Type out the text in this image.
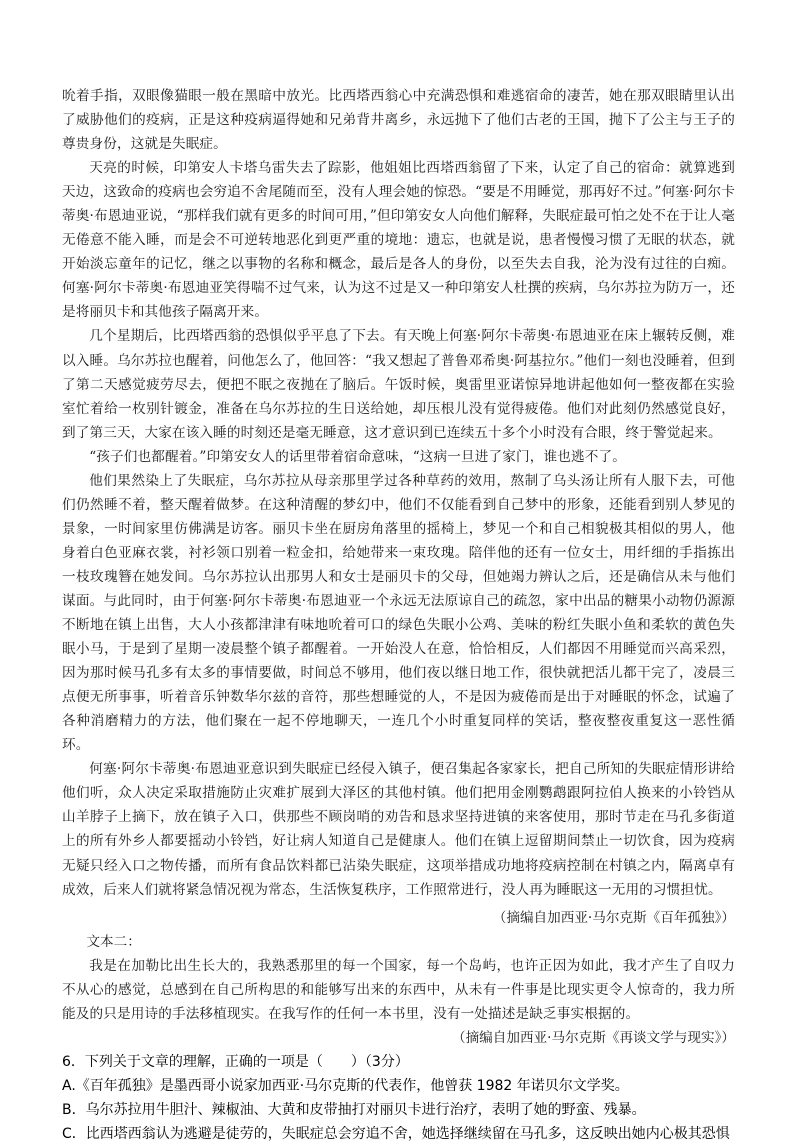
吮着手指，双眼像猫眼一般在黑暗中放光。比西塔西翁心中充满恐惧和难逃宿命的凄苦，她在那双眼睛里认出了威胁他们的疫病，正是这种疫病逼得她和兄弟背井离乡，永远抛下了他们古老的王国，抛下了公主与王子的尊贵身份，这就是失眠症。

天亮的时候，印第安人卡塔乌雷失去了踪影，他姐姐比西塔西翁留了下来，认定了自己的宿命：就算逃到天边，这致命的疫病也会穷追不舍尾随而至，没有人理会她的惊恐。“要是不用睡觉，那再好不过。”何塞·阿尔卡蒂奥·布恩迪亚说，“那样我们就有更多的时间可用，”但印第安女人向他们解释，失眠症最可怕之处不在于让人毫无倦意不能入睡，而是会不可逆转地恶化到更严重的境地：遗忘，也就是说，患者慢慢习惯了无眠的状态，就开始淡忘童年的记忆，继之以事物的名称和概念，最后是各人的身份，以至失去自我，沦为没有过往的白痴。何塞·阿尔卡蒂奥·布恩迪亚笑得喘不过气来，认为这不过是又一种印第安人杜撰的疾病，乌尔苏拉为防万一，还是将丽贝卡和其他孩子隔离开来。

几个星期后，比西塔西翁的恐惧似乎平息了下去。有天晚上何塞·阿尔卡蒂奥·布恩迪亚在床上辗转反侧，难以入睡。乌尔苏拉也醒着，问他怎么了，他回答：“我又想起了普鲁邓希奥·阿基拉尔。”他们一刻也没睡着，但到了第二天感觉疲劳尽去，便把不眠之夜抛在了脑后。午饭时候，奥雷里亚诺惊异地讲起他如何一整夜都在实验室忙着给一枚别针镀金，准备在乌尔苏拉的生日送给她，却压根儿没有觉得疲倦。他们对此刻仍然感觉良好，到了第三天，大家在该入睡的时刻还是毫无睡意，这才意识到已连续五十多个小时没有合眼，终于警觉起来。

“孩子们也都醒着。”印第安女人的话里带着宿命意味，“这病一旦进了家门，谁也逃不了。

他们果然染上了失眠症，乌尔苏拉从母亲那里学过各种草药的效用，熬制了乌头汤让所有人服下去，可他们仍然睡不着，整天醒着做梦。在这种清醒的梦幻中，他们不仅能看到自己梦中的形象，还能看到别人梦见的景象，一时间家里仿佛满是访客。丽贝卡坐在厨房角落里的摇椅上，梦见一个和自己相貌极其相似的男人，他身着白色亚麻衣裳，衬衫领口别着一粒金扣，给她带来一束玫瑰。陪伴他的还有一位女士，用纤细的手指拣出一枝玫瑰簪在她发间。乌尔苏拉认出那男人和女士是丽贝卡的父母，但她竭力辨认之后，还是确信从未与他们谋面。与此同时，由于何塞·阿尔卡蒂奥·布恩迪亚一个永远无法原谅自己的疏忽，家中出品的糖果小动物仍源源不断地在镇上出售，大人小孩都津津有味地吮着可口的绿色失眠小公鸡、美味的粉红失眠小鱼和柔软的黄色失眠小马，于是到了星期一凌晨整个镇子都醒着。一开始没人在意，恰恰相反，人们都因不用睡觉而兴高采烈，因为那时候马孔多有太多的事情要做，时间总不够用，他们夜以继日地工作，很快就把活儿都干完了，凌晨三点便无所事事，听着音乐钟数华尔兹的音符，那些想睡觉的人，不是因为疲倦而是出于对睡眠的怀念，试遍了各种消磨精力的方法，他们聚在一起不停地聊天，一连几个小时重复同样的笑话，整夜整夜重复这一恶性循环。

何塞·阿尔卡蒂奥·布恩迪亚意识到失眠症已经侵入镇子，便召集起各家家长，把自己所知的失眠症情形讲给他们听，众人决定采取措施防止灾难扩展到大泽区的其他村镇。他们把用金刚鹦鹉跟阿拉伯人换来的小铃铛从山羊脖子上摘下，放在镇子入口，供那些不顾岗哨的劝告和恳求坚持进镇的来客使用，那时节走在马孔多街道上的所有外乡人都要摇动小铃铛，好让病人知道自己是健康人。他们在镇上逗留期间禁止一切饮食，因为疫病无疑只经入口之物传播，而所有食品饮料都已沾染失眠症，这项举措成功地将疫病控制在村镇之内，隔离卓有成效，后来人们就将紧急情况视为常态，生活恢复秩序，工作照常进行，没人再为睡眠这一无用的习惯担忧。

（摘编自加西亚·马尔克斯《百年孤独》）

文本二：

我是在加勒比出生长大的，我熟悉那里的每一个国家，每一个岛屿，也许正因为如此，我才产生了自叹力不从心的感觉，总感到在自己所构思的和能够写出来的东西中，从未有一件事是比现实更令人惊奇的，我力所能及的只是用诗的手法移植现实。在我写作的任何一本书里，没有一处描述是缺乏事实根据的。

（摘编自加西亚·马尔克斯《再谈文学与现实》）

6．下列关于文章的理解，正确的一项是（　　）（3分）

A.《百年孤独》是墨西哥小说家加西亚·马尔克斯的代表作，他曾获 1982 年诺贝尔文学奖。

B．乌尔苏拉用牛胆汁、辣椒油、大黄和皮带抽打对丽贝卡进行治疗，表明了她的野蛮、残暴。

C．比西塔西翁认为逃避是徒劳的，失眠症总会穷追不舍，她选择继续留在马孔多，这反映出她内心极其恐惧
